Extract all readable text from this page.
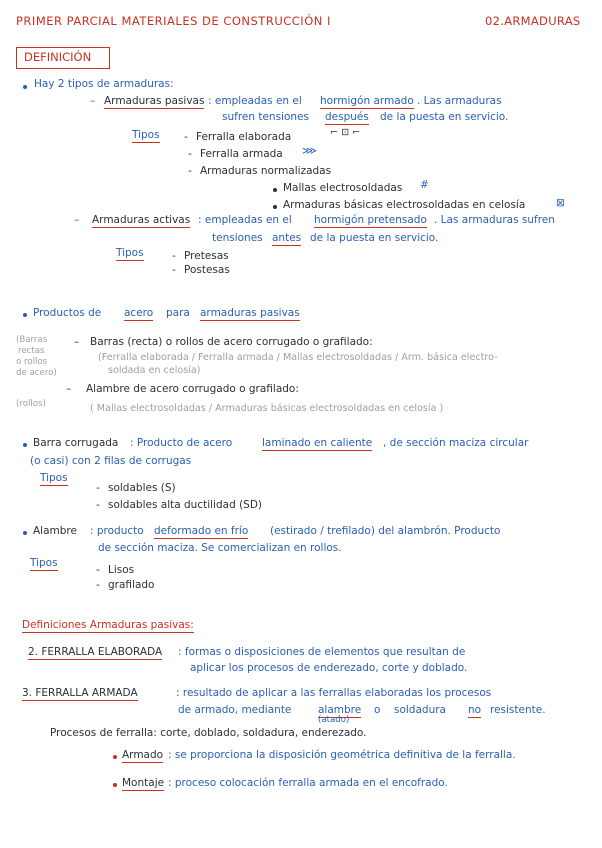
PRIMER PARCIAL MATERIALES DE CONSTRUCCIÓN I	02.ARMADURAS
DEFINICIÓN
Hay 2 tipos de armaduras:
– Armaduras pasivas : empleadas en el hormigón armado . Las armaduras
sufren tensiones después de la puesta en servicio.
Tipos - Ferralla elaborada	⌐ ⊡ ⌐
- Ferralla armada ⋙
- Armaduras normalizadas
Mallas electrosoldadas #
Armaduras básicas electrosoldadas en celosía	⊠
– Armaduras activas : empleadas en el hormigón pretensado . Las armaduras sufren
tensiones antes de la puesta en servicio.
Tipos	- Pretesas
- Postesas
Productos de acero para armaduras pasivas
(Barras
rectas
o rollos
de acero)
– Barras (recta) o rollos de acero corrugado o grafilado:
(Ferralla elaborada / Ferralla armada / Mallas electrosoldadas / Arm. básica electro-
soldada en celosía)
– Alambre de acero corrugado o grafilado:
(rollos)	( Mallas electrosoldadas / Armaduras básicas electrosoldadas en celosía )
Barra corrugada : Producto de acero	laminado en caliente , de sección maciza circular
(o casi) con 2 filas de corrugas
Tipos
- soldables (S)
- soldables alta ductilidad (SD)
Alambre : producto deformado en frío (estirado / trefilado) del alambrón. Producto
de sección maciza. Se comercializan en rollos.
Tipos
- Lisos
- grafilado
Definiciones Armaduras pasivas:
2. FERRALLA ELABORADA : formas o disposiciones de elementos que resultan de
aplicar los procesos de enderezado, corte y doblado.
3. FERRALLA ARMADA	: resultado de aplicar a las ferrallas elaboradas los procesos
de armado, mediante	alambre o soldadura no resistente.
(atado)
Procesos de ferralla: corte, doblado, soldadura, enderezado.
Armado : se proporciona la disposición geométrica definitiva de la ferralla.
Montaje : proceso colocación ferralla armada en el encofrado.
